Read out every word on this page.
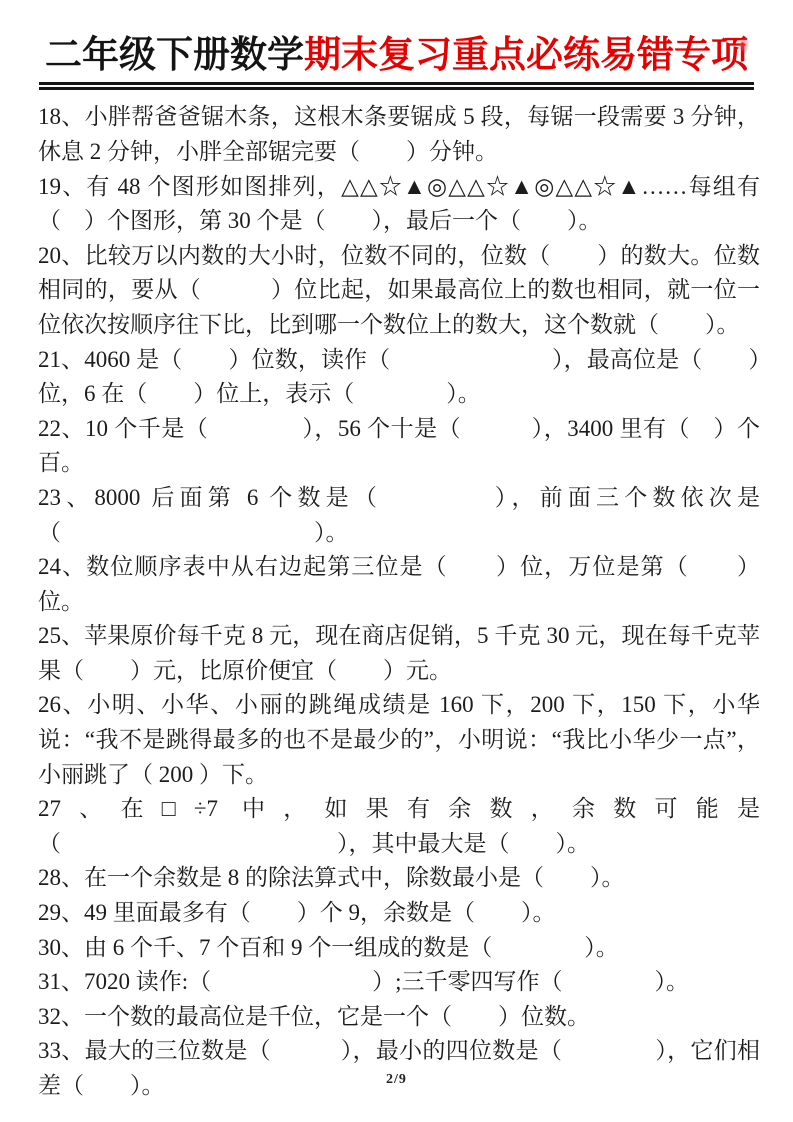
二年级下册数学期末复习重点必练易错专项

18、小胖帮爸爸锯木条，这根木条要锯成 5 段，每锯一段需要 3 分钟，休息 2 分钟，小胖全部锯完要（　　）分钟。

19、有 48 个图形如图排列，△△☆▲◎△△☆▲◎△△☆▲……每组有（　）个图形，第 30 个是（　　），最后一个（　　）。

20、比较万以内数的大小时，位数不同的，位数（　　）的数大。位数相同的，要从（　　　）位比起，如果最高位上的数也相同，就一位一位依次按顺序往下比，比到哪一个数位上的数大，这个数就（　　）。

21、4060 是（　　）位数，读作（　　　　　　　），最高位是（　　）位，6 在（　　）位上，表示（　　　　）。

22、10 个千是（　　　　），56 个十是（　　　），3400 里有（　）个百。

23、8000 后面第 6 个数是（　　　　），前面三个数依次是（　　　　　　　　　　　）。

24、数位顺序表中从右边起第三位是（　　）位，万位是第（　　）位。

25、苹果原价每千克 8 元，现在商店促销，5 千克 30 元，现在每千克苹果（　　）元，比原价便宜（　　）元。

26、小明、小华、小丽的跳绳成绩是 160 下，200 下，150 下，小华说：“我不是跳得最多的也不是最少的”，小明说：“我比小华少一点”，小丽跳了（ 200 ）下。

27、在□÷7 中，如果有余数，余数可能是（　　　　　　　　　　　　），其中最大是（　　）。

28、在一个余数是 8 的除法算式中，除数最小是（　　）。

29、49 里面最多有（　　）个 9，余数是（　　）。

30、由 6 个千、7 个百和 9 个一组成的数是（　　　　）。

31、7020 读作:（　　　　　　　）;三千零四写作（　　　　）。

32、一个数的最高位是千位，它是一个（　　）位数。

33、最大的三位数是（　　　），最小的四位数是（　　　　），它们相差（　　）。	2/9
